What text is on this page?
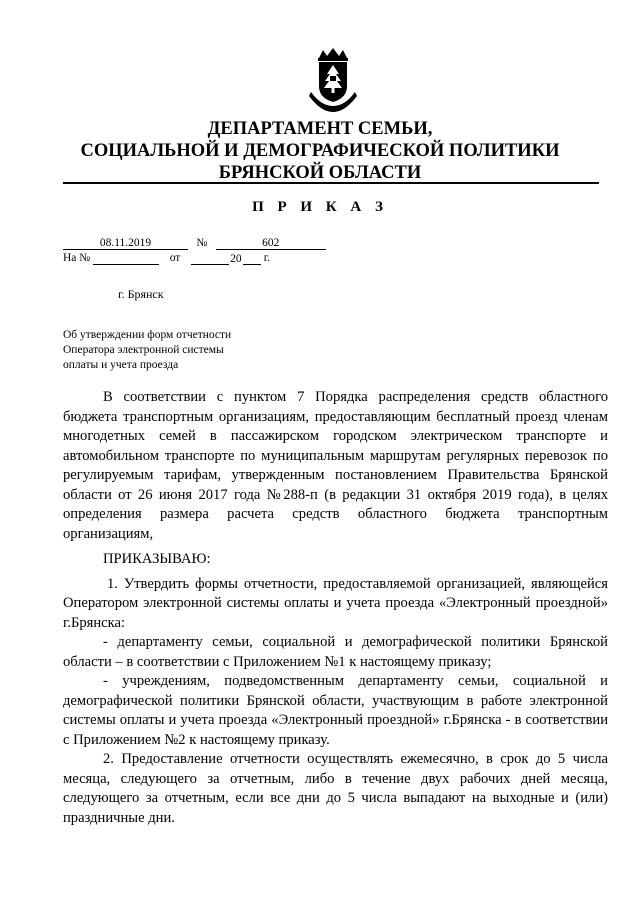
ДЕПАРТАМЕНТ СЕМЬИ,
СОЦИАЛЬНОЙ И ДЕМОГРАФИЧЕСКОЙ ПОЛИТИКИ
БРЯНСКОЙ ОБЛАСТИ
П Р И К А З
08.11.2019	№	602
На №	от	20 г.
г. Брянск
Об утверждении форм отчетности
Оператора электронной системы
оплаты и учета проезда

В соответствии с пунктом 7 Порядка распределения средств областного бюджета транспортным организациям, предоставляющим бесплатный проезд членам многодетных семей в пассажирском городском электрическом транспорте и автомобильном транспорте по муниципальным маршрутам регулярных перевозок по регулируемым тарифам, утвержденным постановлением Правительства Брянской области от 26 июня 2017 года №288-п (в редакции 31 октября 2019 года), в целях определения размера расчета средств областного бюджета транспортным организациям,

ПРИКАЗЫВАЮ:

1. Утвердить формы отчетности, предоставляемой организацией, являющейся Оператором электронной системы оплаты и учета проезда «Электронный проездной» г.Брянска:

- департаменту семьи, социальной и демографической политики Брянской области – в соответствии с Приложением №1 к настоящему приказу;

- учреждениям, подведомственным департаменту семьи, социальной и демографической политики Брянской области, участвующим в работе электронной системы оплаты и учета проезда «Электронный проездной» г.Брянска - в соответствии с Приложением №2 к настоящему приказу.

2. Предоставление отчетности осуществлять ежемесячно, в срок до 5 числа месяца, следующего за отчетным, либо в течение двух рабочих дней месяца, следующего за отчетным, если все дни до 5 числа выпадают на выходные и (или) праздничные дни.
